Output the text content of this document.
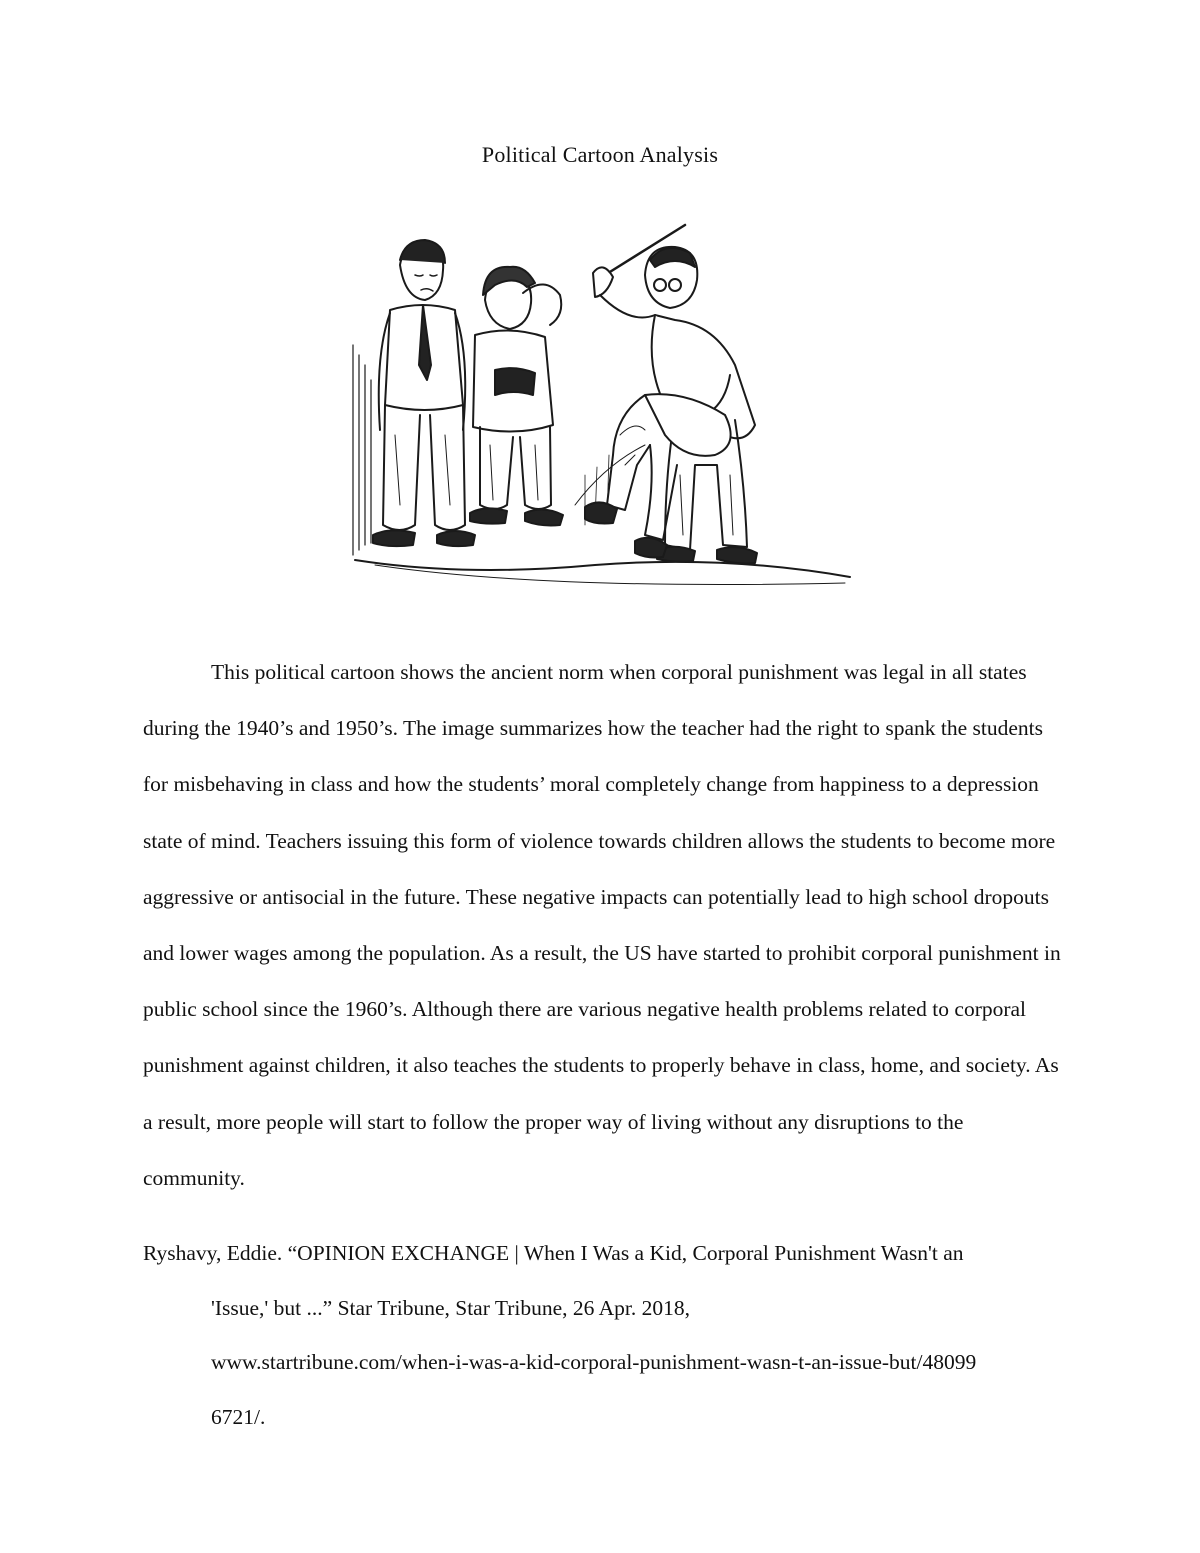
Political Cartoon Analysis

This political cartoon shows the ancient norm when corporal punishment was legal in all states during the 1940’s and 1950’s. The image summarizes how the teacher had the right to spank the students for misbehaving in class and how the students’ moral completely change from happiness to a depression state of mind. Teachers issuing this form of violence towards children allows the students to become more aggressive or antisocial in the future. These negative impacts can potentially lead to high school dropouts and lower wages among the population. As a result, the US have started to prohibit corporal punishment in public school since the 1960’s. Although there are various negative health problems related to corporal punishment against children, it also teaches the students to properly behave in class, home, and society. As a result, more people will start to follow the proper way of living without any disruptions to the community.

Ryshavy, Eddie. “OPINION EXCHANGE | When I Was a Kid, Corporal Punishment Wasn't an
'Issue,' but ...” Star Tribune, Star Tribune, 26 Apr. 2018,
www.startribune.com/when-i-was-a-kid-corporal-punishment-wasn-t-an-issue-but/48099
6721/.
